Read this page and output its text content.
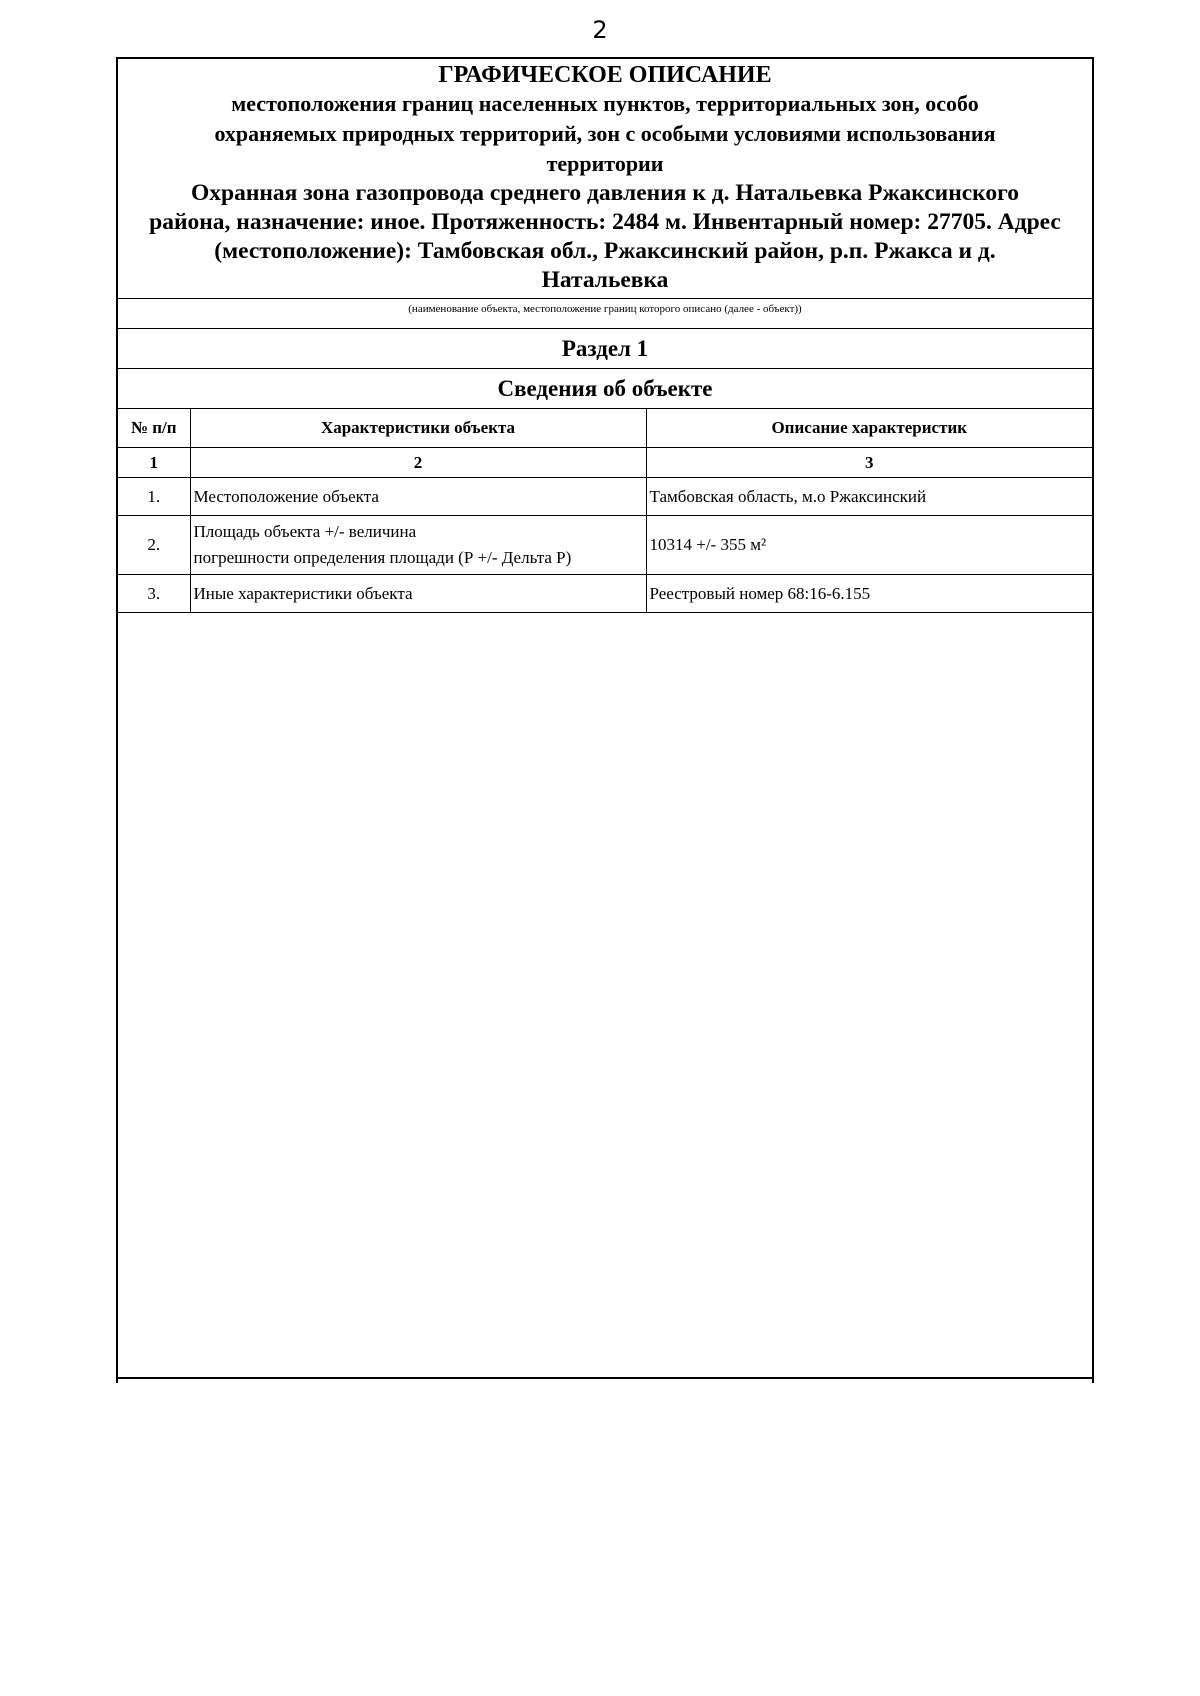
2
ГРАФИЧЕСКОЕ ОПИСАНИЕ
местоположения границ населенных пунктов, территориальных зон, особо
охраняемых природных территорий, зон с особыми условиями использования
территории
Охранная зона газопровода среднего давления к д. Натальевка Ржаксинского
района, назначение: иное. Протяженность: 2484 м. Инвентарный номер: 27705. Адрес
(местоположение): Тамбовская обл., Ржаксинский район, р.п. Ржакса и д.
Натальевка
(наименование объекта, местоположение границ которого описано (далее - объект))
Раздел 1
Сведения об объекте
№ п/п	Характеристики объекта	Описание характеристик
1	2	3
1.	Местоположение объекта	Тамбовская область, м.о Ржаксинский
2.	Площадь объекта +/- величина
погрешности определения площади (Р +/- Дельта Р)	10314 +/- 355 м²
3.	Иные характеристики объекта	Реестровый номер 68:16-6.155
